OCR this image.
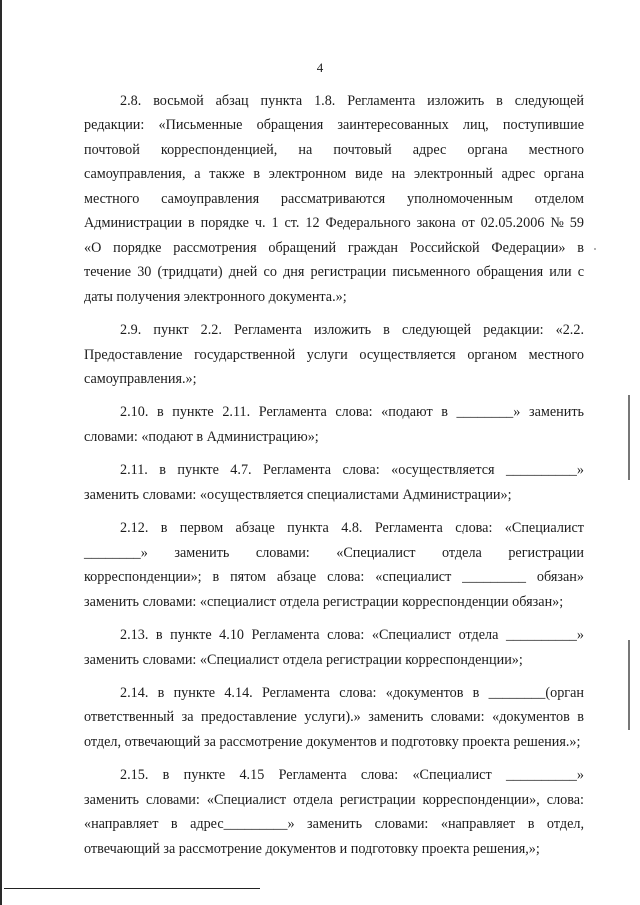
4

2.8. восьмой абзац пункта 1.8. Регламента изложить в следующей
редакции: «Письменные обращения заинтересованных лиц, поступившие
почтовой корреспонденцией, на почтовый адрес органа местного
самоуправления, а также в электронном виде на электронный адрес органа
местного самоуправления рассматриваются уполномоченным отделом
Администрации в порядке ч. 1 ст. 12 Федерального закона от 02.05.2006 № 59
«О порядке рассмотрения обращений граждан Российской Федерации» в
течение 30 (тридцати) дней со дня регистрации письменного обращения или с
даты получения электронного документа.»;

2.9. пункт 2.2. Регламента изложить в следующей редакции: «2.2.
Предоставление государственной услуги осуществляется органом местного
самоуправления.»;

2.10. в пункте 2.11. Регламента слова: «подают в ________» заменить
словами: «подают в Администрацию»;

2.11. в пункте 4.7. Регламента слова: «осуществляется __________»
заменить словами: «осуществляется специалистами Администрации»;

2.12. в первом абзаце пункта 4.8. Регламента слова: «Специалист
________» заменить словами: «Специалист отдела регистрации
корреспонденции»; в пятом абзаце слова: «специалист _________ обязан»
заменить словами: «специалист отдела регистрации корреспонденции обязан»;

2.13. в пункте 4.10 Регламента слова: «Специалист отдела __________»
заменить словами: «Специалист отдела регистрации корреспонденции»;

2.14. в пункте 4.14. Регламента слова: «документов в ________(орган
ответственный за предоставление услуги).» заменить словами: «документов в
отдел, отвечающий за рассмотрение документов и подготовку проекта решения.»;

2.15. в пункте 4.15 Регламента слова: «Специалист __________»
заменить словами: «Специалист отдела регистрации корреспонденции», слова:
«направляет в адрес_________» заменить словами: «направляет в отдел,
отвечающий за рассмотрение документов и подготовку проекта решения,»;
